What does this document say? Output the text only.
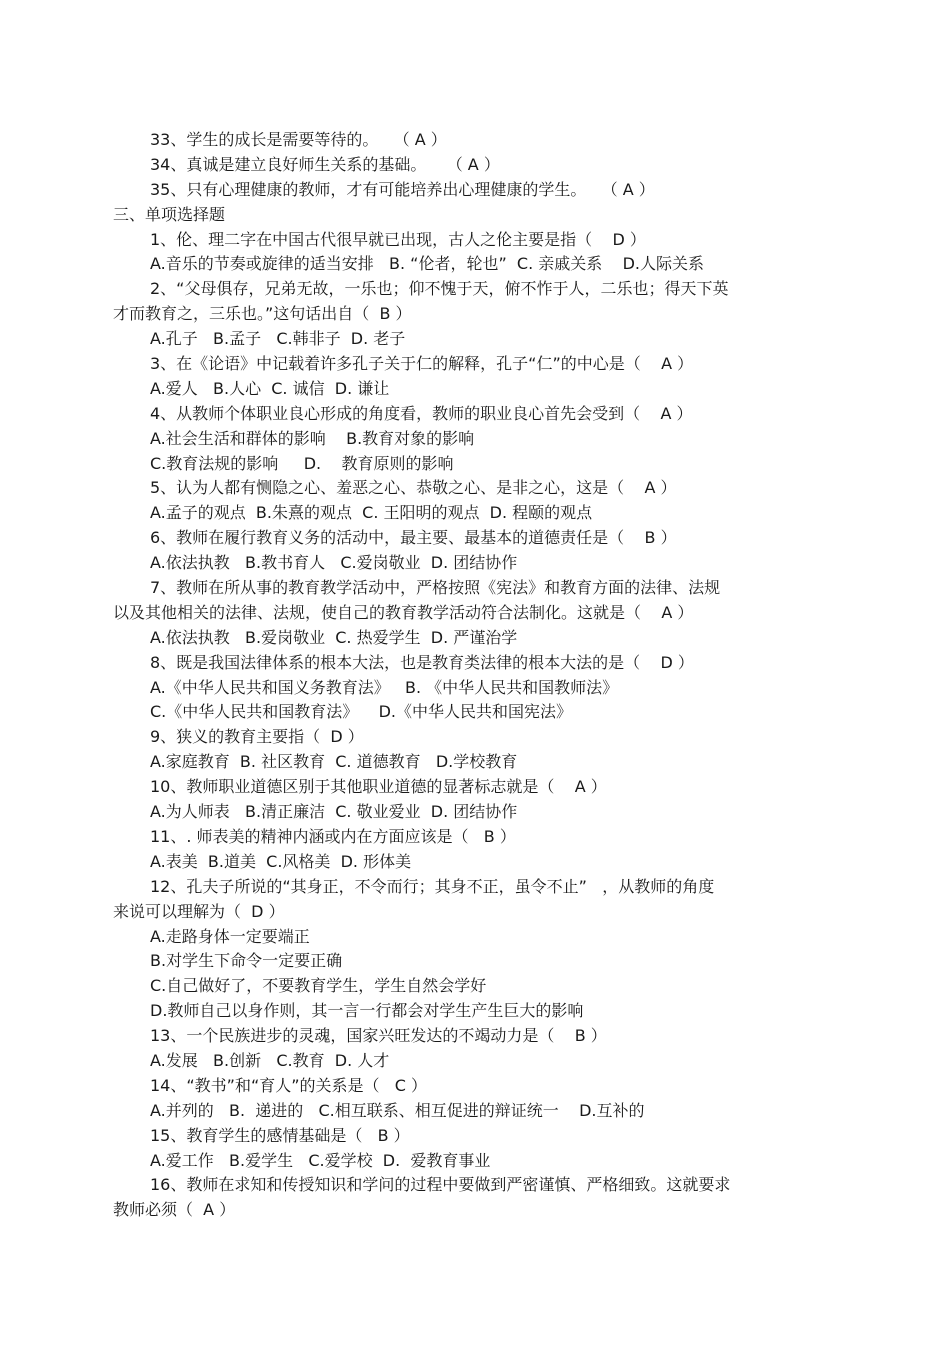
33、学生的成长是需要等待的。   （ A ）
34、真诚是建立良好师生关系的基础。    （ A ）
35、只有心理健康的教师，才有可能培养出心理健康的学生。   （ A ）
三、单项选择题
1、伦、理二字在中国古代很早就已出现，古人之伦主要是指（    D ）
A.音乐的节奏或旋律的适当安排   B. “伦者，轮也”  C. 亲戚关系    D.人际关系
2、“父母俱存，兄弟无故，一乐也；仰不愧于天，俯不怍于人，二乐也；得天下英
才而教育之，三乐也。”这句话出自（  B ）
A.孔子   B.孟子   C.韩非子  D. 老子
3、在《论语》中记载着许多孔子关于仁的解释，孔子“仁”的中心是（    A ）
A.爱人   B.人心  C. 诚信  D. 谦让
4、从教师个体职业良心形成的角度看，教师的职业良心首先会受到（    A ）
A.社会生活和群体的影响    B.教育对象的影响
C.教育法规的影响     D.    教育原则的影响
5、认为人都有恻隐之心、羞恶之心、恭敬之心、是非之心，这是（    A ）
A.孟子的观点  B.朱熹的观点  C. 王阳明的观点  D. 程颐的观点
6、教师在履行教育义务的活动中，最主要、最基本的道德责任是（    B ）
A.依法执教   B.教书育人   C.爱岗敬业  D. 团结协作
7、教师在所从事的教育教学活动中，严格按照《宪法》和教育方面的法律、法规
以及其他相关的法律、法规，使自己的教育教学活动符合法制化。这就是（    A ）
A.依法执教   B.爱岗敬业  C. 热爱学生  D. 严谨治学
8、既是我国法律体系的根本大法，也是教育类法律的根本大法的是（    D ）
A.《中华人民共和国义务教育法》   B. 《中华人民共和国教师法》
C.《中华人民共和国教育法》    D.《中华人民共和国宪法》
9、狭义的教育主要指（  D ）
A.家庭教育  B. 社区教育  C. 道德教育   D.学校教育
10、教师职业道德区别于其他职业道德的显著标志就是（    A ）
A.为人师表   B.清正廉洁  C. 敬业爱业  D. 团结协作
11、. 师表美的精神内涵或内在方面应该是（   B ）
A.表美  B.道美  C.风格美  D. 形体美
12、孔夫子所说的“其身正，不令而行；其身不正，虽令不止”   ，从教师的角度
来说可以理解为（  D ）
A.走路身体一定要端正
B.对学生下命令一定要正确
C.自己做好了，不要教育学生，学生自然会学好
D.教师自己以身作则，其一言一行都会对学生产生巨大的影响
13、一个民族进步的灵魂，国家兴旺发达的不竭动力是（    B ）
A.发展   B.创新   C.教育  D. 人才
14、“教书”和“育人”的关系是（   C ）
A.并列的   B.  递进的   C.相互联系、相互促进的辩证统一    D.互补的
15、教育学生的感情基础是（   B ）
A.爱工作   B.爱学生   C.爱学校  D.  爱教育事业
16、教师在求知和传授知识和学问的过程中要做到严密谨慎、严格细致。这就要求
教师必须（  A ）
